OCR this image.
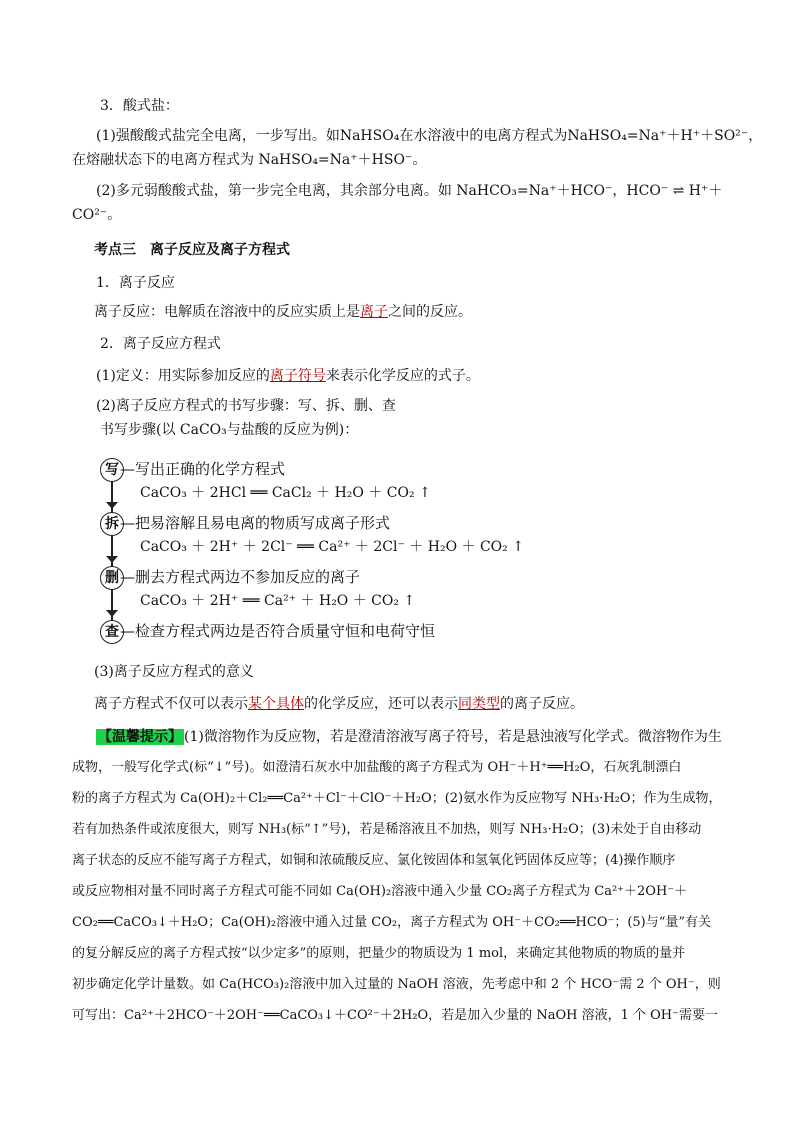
3．酸式盐：
(1)强酸酸式盐完全电离，一步写出。如NaHSO₄在水溶液中的电离方程式为NaHSO₄=Na⁺＋H⁺＋SO²⁻，
在熔融状态下的电离方程式为 NaHSO₄=Na⁺＋HSO⁻。
(2)多元弱酸酸式盐，第一步完全电离，其余部分电离。如 NaHCO₃=Na⁺＋HCO⁻，HCO⁻ ⇌ H⁺＋
CO²⁻。
考点三　离子反应及离子方程式
1．离子反应
离子反应：电解质在溶液中的反应实质上是离子之间的反应。
2．离子反应方程式
(1)定义：用实际参加反应的离子符号来表示化学反应的式子。
(2)离子反应方程式的书写步骤：写、拆、删、查
书写步骤(以 CaCO₃与盐酸的反应为例)：
写 —写出正确的化学方程式
CaCO₃ ＋ 2HCl ══ CaCl₂ ＋ H₂O ＋ CO₂ ↑
拆 —把易溶解且易电离的物质写成离子形式
CaCO₃ ＋ 2H⁺ ＋ 2Cl⁻ ══ Ca²⁺ ＋ 2Cl⁻ ＋ H₂O ＋ CO₂ ↑
删 —删去方程式两边不参加反应的离子
CaCO₃ ＋ 2H⁺ ══ Ca²⁺ ＋ H₂O ＋ CO₂ ↑
查 —检查方程式两边是否符合质量守恒和电荷守恒
(3)离子反应方程式的意义
离子方程式不仅可以表示某个具体的化学反应，还可以表示同类型的离子反应。
【温馨提示】 (1)微溶物作为反应物，若是澄清溶液写离子符号，若是悬浊液写化学式。微溶物作为生
成物，一般写化学式(标“↓”号)。如澄清石灰水中加盐酸的离子方程式为 OH⁻＋H⁺══H₂O，石灰乳制漂白
粉的离子方程式为 Ca(OH)₂＋Cl₂══Ca²⁺＋Cl⁻＋ClO⁻＋H₂O；(2)氨水作为反应物写 NH₃·H₂O；作为生成物，
若有加热条件或浓度很大，则写 NH₃(标“↑”号)，若是稀溶液且不加热，则写 NH₃·H₂O；(3)未处于自由移动
离子状态的反应不能写离子方程式，如铜和浓硫酸反应、氯化铵固体和氢氧化钙固体反应等；(4)操作顺序
或反应物相对量不同时离子方程式可能不同如 Ca(OH)₂溶液中通入少量 CO₂离子方程式为 Ca²⁺＋2OH⁻＋
CO₂══CaCO₃↓＋H₂O；Ca(OH)₂溶液中通入过量 CO₂，离子方程式为 OH⁻＋CO₂══HCO⁻；(5)与“量”有关
的复分解反应的离子方程式按“以少定多”的原则，把量少的物质设为 1 mol，来确定其他物质的物质的量并
初步确定化学计量数。如 Ca(HCO₃)₂溶液中加入过量的 NaOH 溶液，先考虑中和 2 个 HCO⁻需 2 个 OH⁻，则
可写出：Ca²⁺＋2HCO⁻＋2OH⁻══CaCO₃↓＋CO²⁻＋2H₂O，若是加入少量的 NaOH 溶液，1 个 OH⁻需要一
